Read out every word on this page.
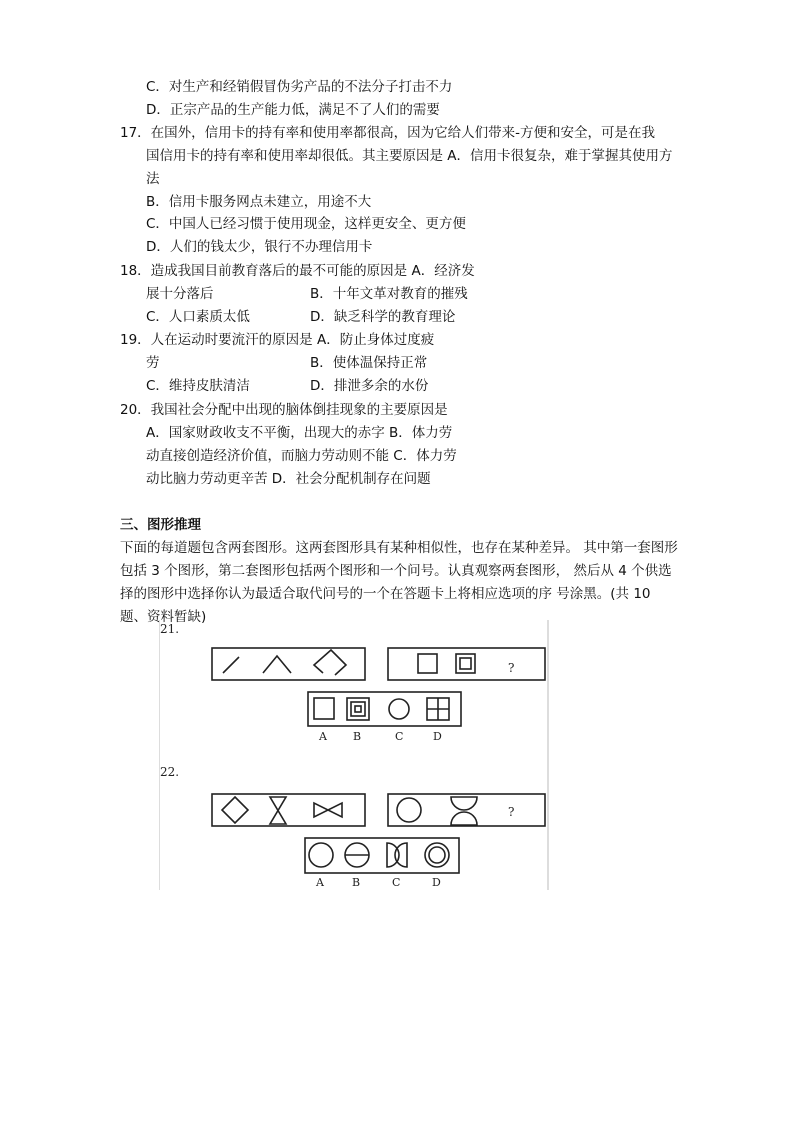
C．对生产和经销假冒伪劣产品的不法分子打击不力
D．正宗产品的生产能力低，满足不了人们的需要
17．在国外，信用卡的持有率和使用率都很高，因为它给人们带来-方便和安全，可是在我
国信用卡的持有率和使用率却很低。其主要原因是 A．信用卡很复杂，难于掌握其使用方
法
B．信用卡服务网点未建立，用途不大
C．中国人已经习惯于使用现金，这样更安全、更方便
D．人们的钱太少，银行不办理信用卡
18．造成我国目前教育落后的最不可能的原因是 A．经济发
展十分落后	B．十年文革对教育的摧残
C．人口素质太低	D．缺乏科学的教育理论
19．人在运动时要流汗的原因是 A．防止身体过度疲
劳	B．使体温保持正常
C．维持皮肤清洁	D．排泄多余的水份
20．我国社会分配中出现的脑体倒挂现象的主要原因是
A．国家财政收支不平衡，出现大的赤字 B．体力劳
动直接创造经济价值，而脑力劳动则不能 C．体力劳
动比脑力劳动更辛苦 D．社会分配机制存在问题
三、图形推理
下面的每道题包含两套图形。这两套图形具有某种相似性，也存在某种差异。 其中第一套图形
包括 3 个图形，第二套图形包括两个图形和一个问号。认真观察两套图形， 然后从 4 个供选
择的图形中选择你认为最适合取代问号的一个在答题卡上将相应选项的序 号涂黑。(共 10
题、资料暂缺)
21.
?
A B	C	D
22.
?
A	B	C	D
